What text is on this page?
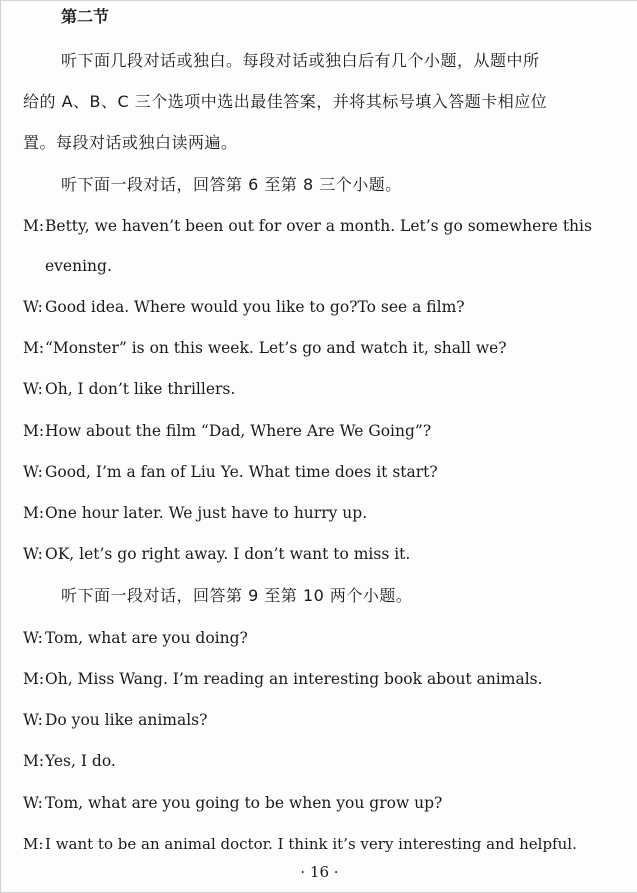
第二节
听下面几段对话或独白。每段对话或独白后有几个小题，从题中所
给的 A、B、C 三个选项中选出最佳答案，并将其标号填入答题卡相应位
置。每段对话或独白读两遍。
听下面一段对话，回答第 6 至第 8 三个小题。
M:Betty, we haven’t been out for over a month. Let’s go somewhere this
evening.
W: Good idea. Where would you like to go?To see a film?
M:“Monster” is on this week. Let’s go and watch it, shall we?
W: Oh, I don’t like thrillers.
M:How about the film “Dad, Where Are We Going”?
W: Good, I’m a fan of Liu Ye. What time does it start?
M:One hour later. We just have to hurry up.
W: OK, let’s go right away. I don’t want to miss it.
听下面一段对话，回答第 9 至第 10 两个小题。
W: Tom, what are you doing?
M:Oh, Miss Wang. I’m reading an interesting book about animals.
W: Do you like animals?
M:Yes, I do.
W: Tom, what are you going to be when you grow up?
M: I want to be an animal doctor. I think it’s very interesting and helpful.
· 16 ·
